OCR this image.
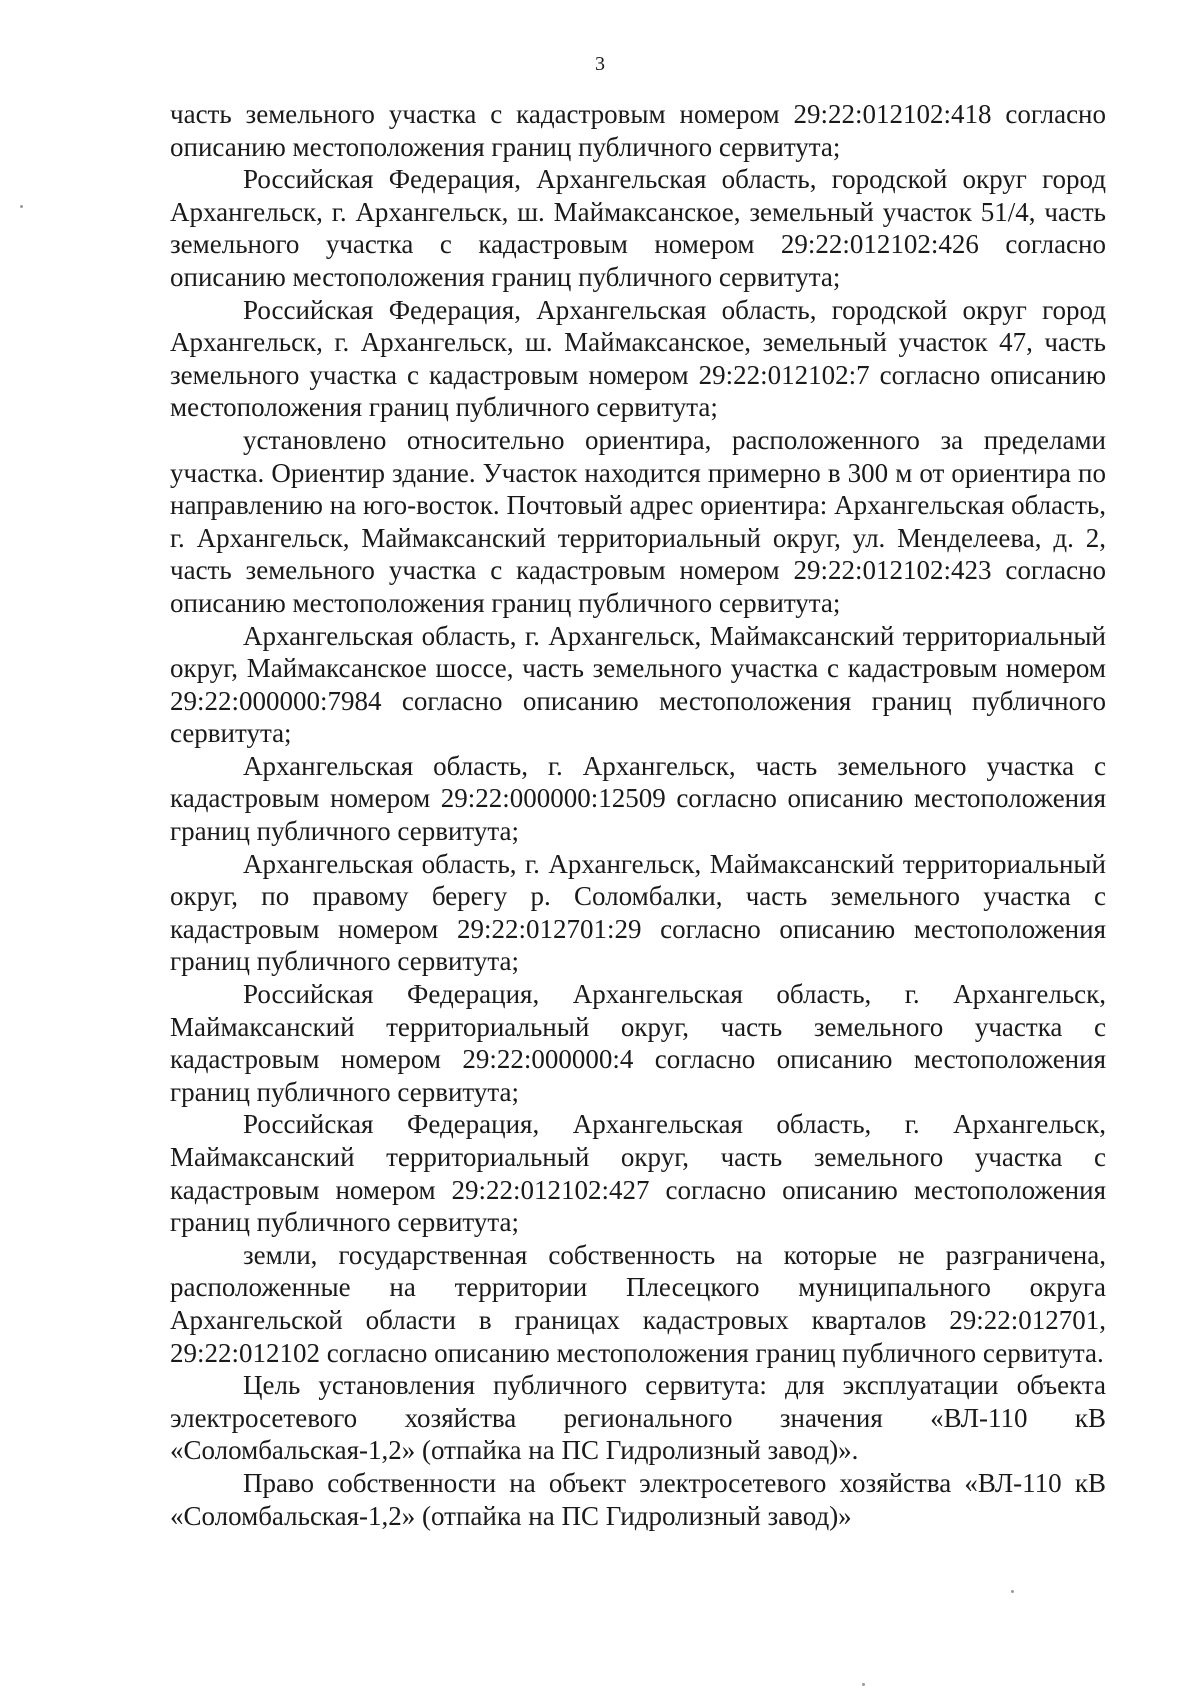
3

часть земельного участка с кадастровым номером 29:22:012102:418 согласно описанию местоположения границ публичного сервитута;

Российская Федерация, Архангельская область, городской округ город Архангельск, г. Архангельск, ш. Маймаксанское, земельный участок 51/4, часть земельного участка с кадастровым номером 29:22:012102:426 согласно описанию местоположения границ публичного сервитута;

Российская Федерация, Архангельская область, городской округ город Архангельск, г. Архангельск, ш. Маймаксанское, земельный участок 47, часть земельного участка с кадастровым номером 29:22:012102:7 согласно описанию местоположения границ публичного сервитута;

установлено относительно ориентира, расположенного за пределами участка. Ориентир здание. Участок находится примерно в 300 м от ориентира по направлению на юго-восток. Почтовый адрес ориентира: Архангельская область, г. Архангельск, Маймаксанский территориальный округ, ул. Менделеева, д. 2, часть земельного участка с кадастровым номером 29:22:012102:423 согласно описанию местоположения границ публичного сервитута;

Архангельская область, г. Архангельск, Маймаксанский территориальный округ, Маймаксанское шоссе, часть земельного участка с кадастровым номером 29:22:000000:7984 согласно описанию местоположения границ публичного сервитута;

Архангельская область, г. Архангельск, часть земельного участка с кадастровым номером 29:22:000000:12509 согласно описанию местоположения границ публичного сервитута;

Архангельская область, г. Архангельск, Маймаксанский территориальный округ, по правому берегу р. Соломбалки, часть земельного участка с кадастровым номером 29:22:012701:29 согласно описанию местоположения границ публичного сервитута;

Российская Федерация, Архангельская область, г. Архангельск, Маймаксанский территориальный округ, часть земельного участка с кадастровым номером 29:22:000000:4 согласно описанию местоположения границ публичного сервитута;

Российская Федерация, Архангельская область, г. Архангельск, Маймаксанский территориальный округ, часть земельного участка с кадастровым номером 29:22:012102:427 согласно описанию местоположения границ публичного сервитута;

земли, государственная собственность на которые не разграничена, расположенные на территории Плесецкого муниципального округа Архангельской области в границах кадастровых кварталов 29:22:012701, 29:22:012102 согласно описанию местоположения границ публичного сервитута.

Цель установления публичного сервитута: для эксплуатации объекта электросетевого хозяйства регионального значения «ВЛ-110 кВ «Соломбальская-1,2» (отпайка на ПС Гидролизный завод)».

Право собственности на объект электросетевого хозяйства «ВЛ-110 кВ «Соломбальская-1,2» (отпайка на ПС Гидролизный завод)»
